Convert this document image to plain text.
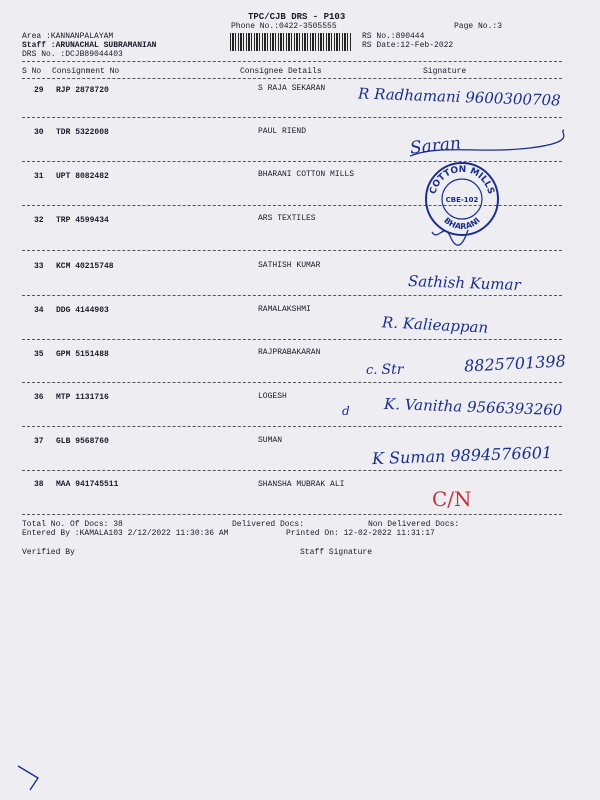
TPC/CJB DRS - P103
Phone No.:0422-3505555	Page No.:3
Area :KANNANPALAYAM
Staff :ARUNACHAL SUBRAMANIAN
DRS No. :DCJB89044403
RS No.:890444
RS Date:12-Feb-2022
S No Consignment No	Consignee Details	Signature
29 RJP 2878720	S RAJA SEKARAN R Radhamani 9600300708
30 TDR 5322008	PAUL RIEND
Saran
31 UPT 8082482	BHARANI COTTON MILLS
32 TRP 4599434	ARS TEXTILES
COTTON MILLS
BHARANI
CBE-102
33 KCM 40215748	SATHISH KUMAR
Sathish Kumar
34 DDG 4144903	RAMALAKSHMI
R. Kalieappan
35 GPM 5151488	RAJPRABAKARAN
c. Str	8825701398
36 MTP 1131716	LOGESH
d K. Vanitha 9566393260
37 GLB 9568760	SUMAN
K Suman 9894576601
38 MAA 941745511	SHANSHA MUBRAK ALI
C/N
Total No. Of Docs: 38	Delivered Docs:	Non Delivered Docs:
Entered By :KAMALA103 2/12/2022 11:30:36 AM	Printed On: 12-02-2022 11:31:17
Verified By	Staff Signature
